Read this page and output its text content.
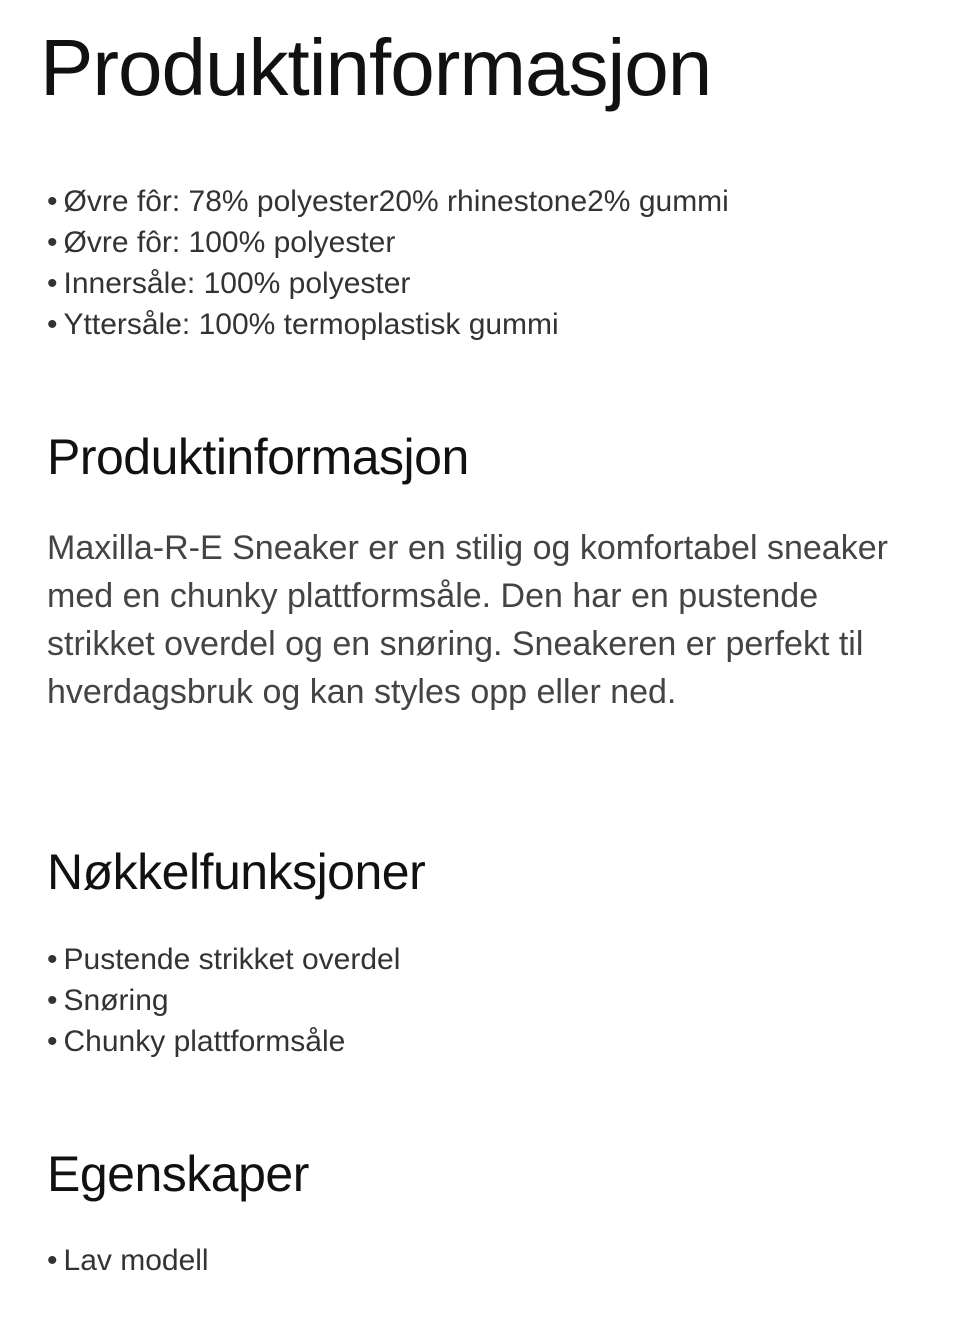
Produktinformasjon
• Øvre fôr: 78% polyester20% rhinestone2% gummi
• Øvre fôr: 100% polyester
• Innersåle: 100% polyester
• Yttersåle: 100% termoplastisk gummi
Produktinformasjon

Maxilla-R-E Sneaker er en stilig og komfortabel sneaker med en chunky plattformsåle. Den har en pustende strikket overdel og en snøring. Sneakeren er perfekt til hverdagsbruk og kan styles opp eller ned.

Nøkkelfunksjoner
• Pustende strikket overdel
• Snøring
• Chunky plattformsåle
Egenskaper
• Lav modell
